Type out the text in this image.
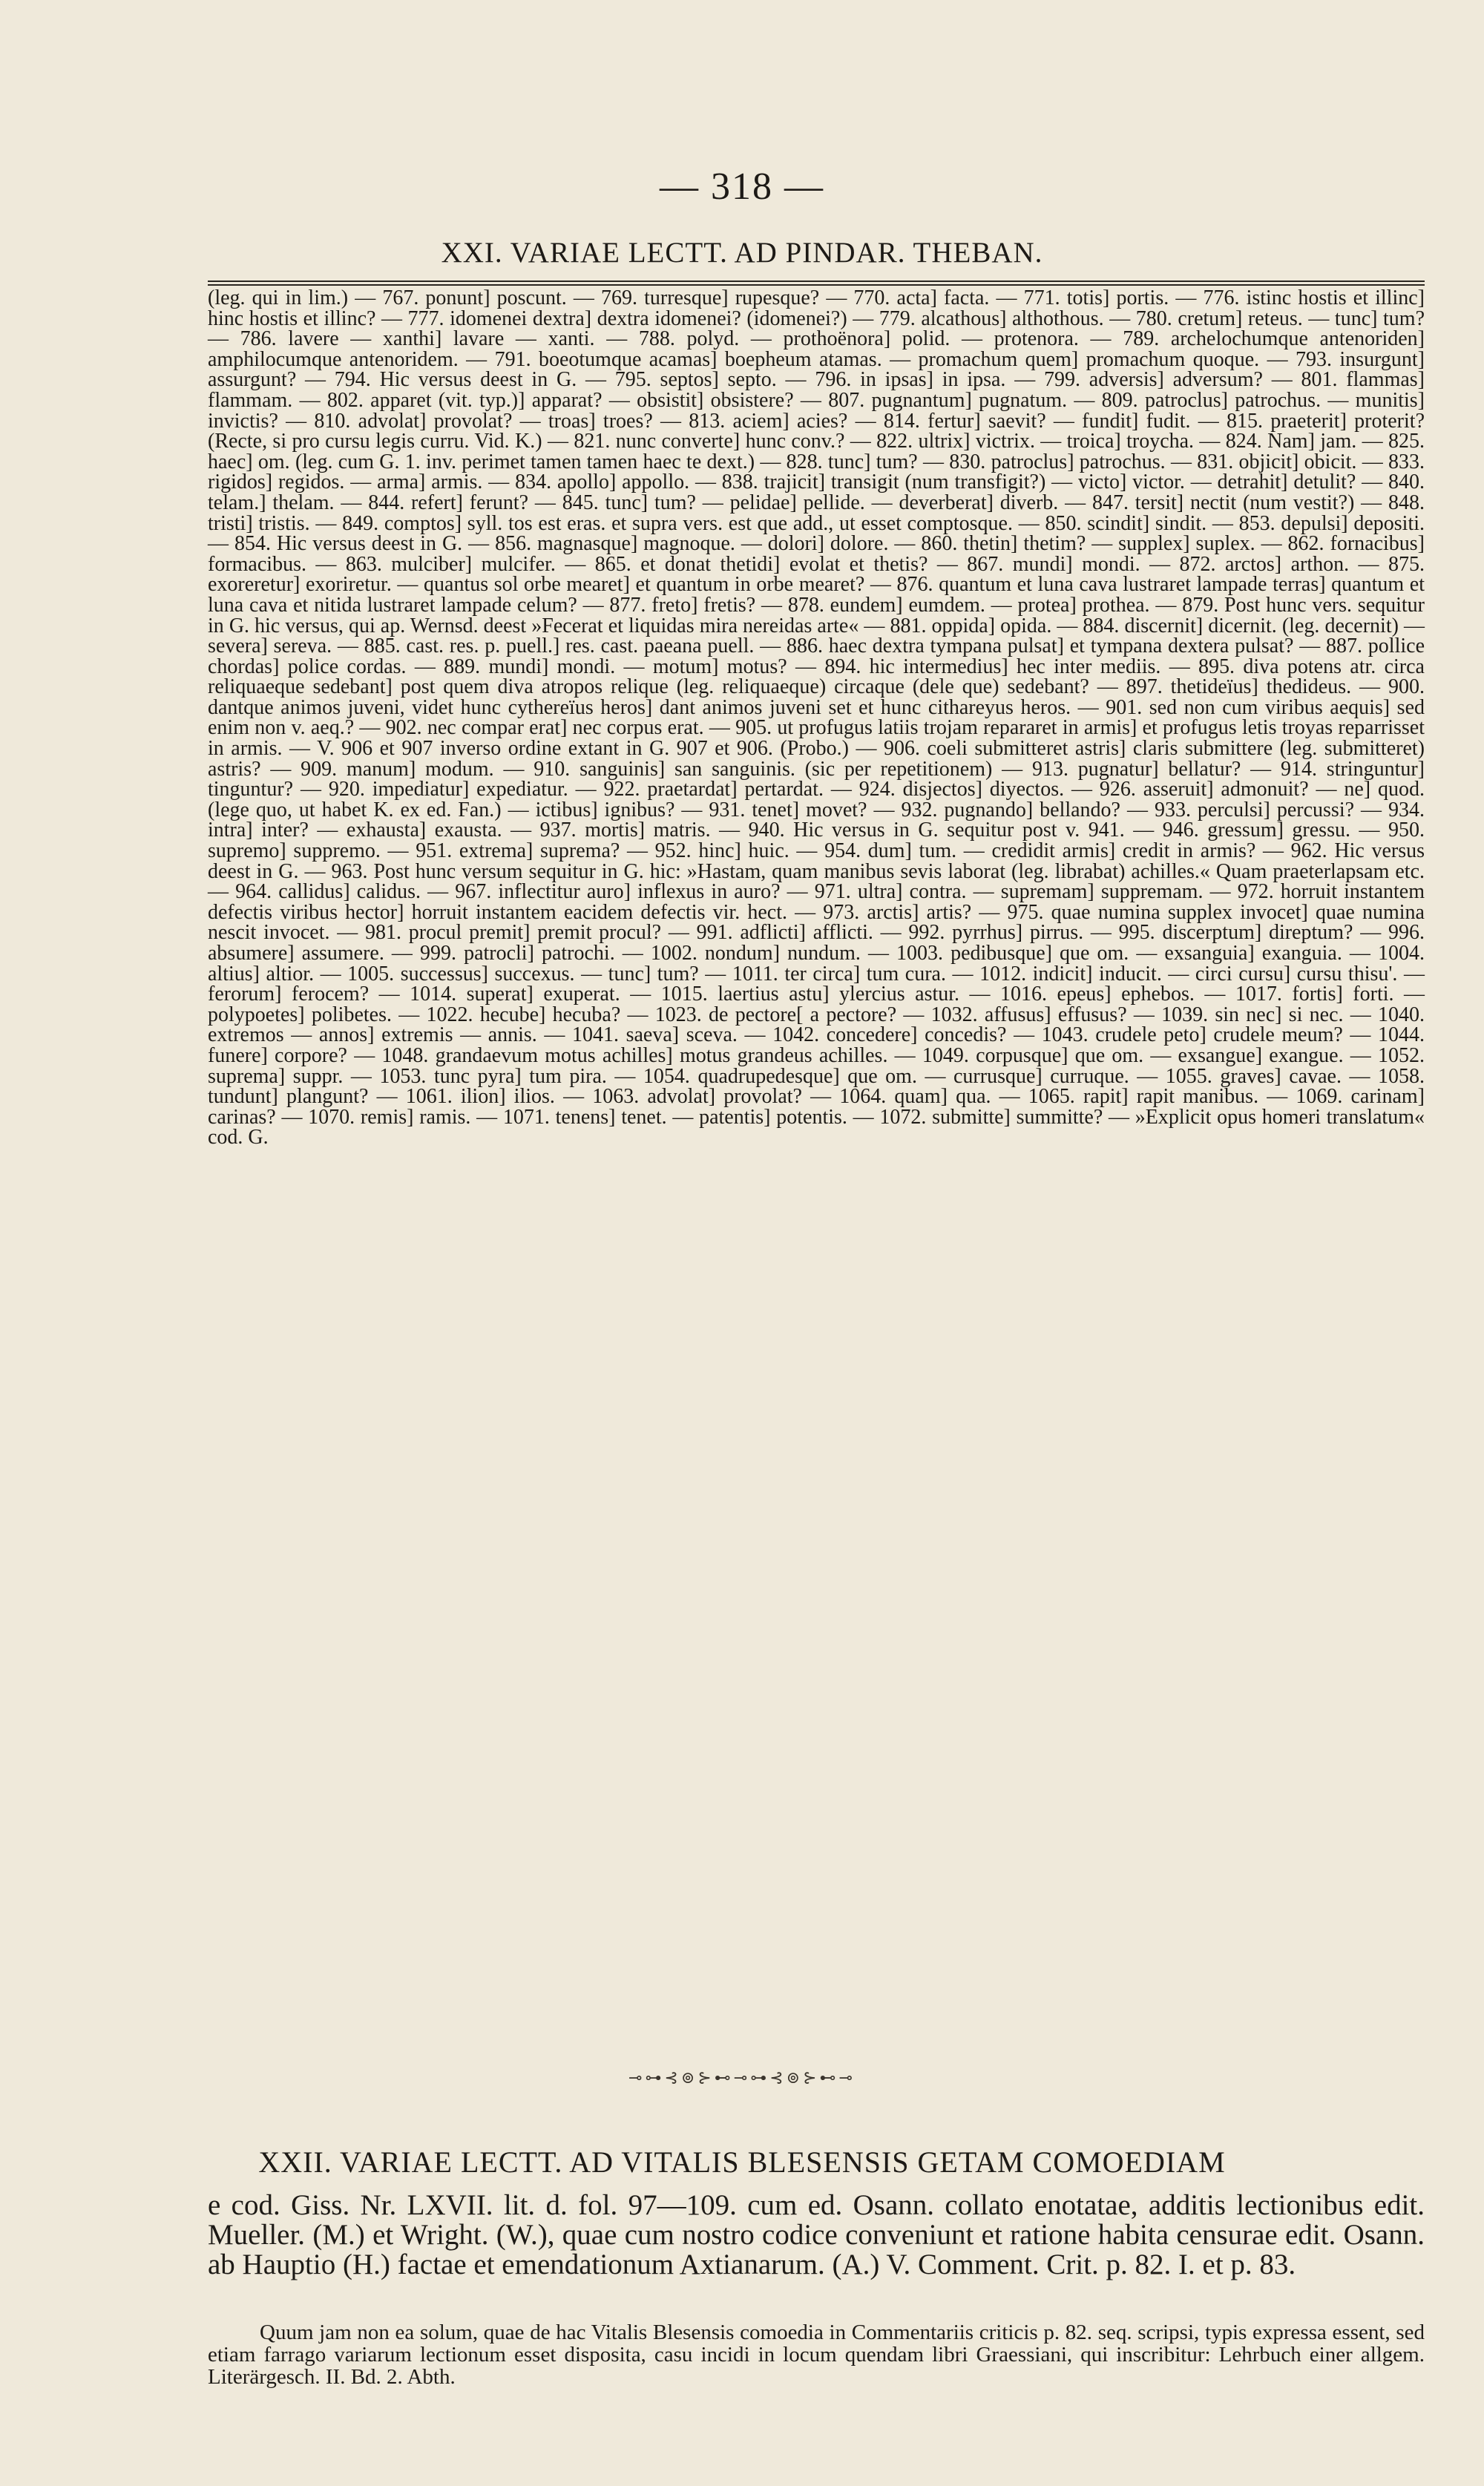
— 318 —
XXI. VARIAE LECTT. AD PINDAR. THEBAN.

(leg. qui in lim.) — 767. ponunt] poscunt. — 769. turresque] rupesque? — 770. acta] facta. — 771. totis] portis. — 776. istinc hostis et illinc] hinc hostis et illinc? — 777. idomenei dextra] dextra idomenei? (idomenei?) — 779. alcathous] althothous. — 780. cretum] reteus. — tunc] tum? — 786. lavere — xanthi] lavare — xanti. — 788. polyd. — prothoënora] polid. — protenora. — 789. archelochumque antenoriden] amphilocumque antenoridem. — 791. boeotumque acamas] boepheum atamas. — promachum quem] promachum quoque. — 793. insurgunt] assurgunt? — 794. Hic versus deest in G. — 795. septos] septo. — 796. in ipsas] in ipsa. — 799. adversis] adversum? — 801. flammas] flammam. — 802. apparet (vit. typ.)] apparat? — obsistit] obsistere? — 807. pugnantum] pugnatum. — 809. patroclus] patrochus. — munitis] invictis? — 810. advolat] provolat? — troas] troes? — 813. aciem] acies? — 814. fertur] saevit? — fundit] fudit. — 815. praeterit] proterit? (Recte, si pro cursu legis curru. Vid. K.) — 821. nunc converte] hunc conv.? — 822. ultrix] victrix. — troica] troycha. — 824. Nam] jam. — 825. haec] om. (leg. cum G. 1. inv. perimet tamen tamen haec te dext.) — 828. tunc] tum? — 830. patroclus] patrochus. — 831. objicit] obicit. — 833. rigidos] regidos. — arma] armis. — 834. apollo] appollo. — 838. trajicit] transigit (num transfigit?) — victo] victor. — detrahit] detulit? — 840. telam.] thelam. — 844. refert] ferunt? — 845. tunc] tum? — pelidae] pellide. — deverberat] diverb. — 847. tersit] nectit (num vestit?) — 848. tristi] tristis. — 849. comptos] syll. tos est eras. et supra vers. est que add., ut esset comptosque. — 850. scindit] sindit. — 853. depulsi] depositi. — 854. Hic versus deest in G. — 856. magnasque] magnoque. — dolori] dolore. — 860. thetin] thetim? — supplex] suplex. — 862. fornacibus] formacibus. — 863. mulciber] mulcifer. — 865. et donat thetidi] evolat et thetis? — 867. mundi] mondi. — 872. arctos] arthon. — 875. exoreretur] exoriretur. — quantus sol orbe mearet] et quantum in orbe mearet? — 876. quantum et luna cava lustraret lampade terras] quantum et luna cava et nitida lustraret lampade celum? — 877. freto] fretis? — 878. eundem] eumdem. — protea] prothea. — 879. Post hunc vers. sequitur in G. hic versus, qui ap. Wernsd. deest »Fecerat et liquidas mira nereidas arte« — 881. oppida] opida. — 884. discernit] dicernit. (leg. decernit) — severa] sereva. — 885. cast. res. p. puell.] res. cast. paeana puell. — 886. haec dextra tympana pulsat] et tympana dextera pulsat? — 887. pollice chordas] police cordas. — 889. mundi] mondi. — motum] motus? — 894. hic intermedius] hec inter mediis. — 895. diva potens atr. circa reliquaeque sedebant] post quem diva atropos relique (leg. reliquaeque) circaque (dele que) sedebant? — 897. thetideïus] thedideus. — 900. dantque animos juveni, videt hunc cythereïus heros] dant animos juveni set et hunc cithareyus heros. — 901. sed non cum viribus aequis] sed enim non v. aeq.? — 902. nec compar erat] nec corpus erat. — 905. ut profugus latiis trojam repararet in armis] et profugus letis troyas reparrisset in armis. — V. 906 et 907 inverso ordine extant in G. 907 et 906. (Probo.) — 906. coeli submitteret astris] claris submittere (leg. submitteret) astris? — 909. manum] modum. — 910. sanguinis] san sanguinis. (sic per repetitionem) — 913. pugnatur] bellatur? — 914. stringuntur] tinguntur? — 920. impediatur] expediatur. — 922. praetardat] pertardat. — 924. disjectos] diyectos. — 926. asseruit] admonuit? — ne] quod. (lege quo, ut habet K. ex ed. Fan.) — ictibus] ignibus? — 931. tenet] movet? — 932. pugnando] bellando? — 933. perculsi] percussi? — 934. intra] inter? — exhausta] exausta. — 937. mortis] matris. — 940. Hic versus in G. sequitur post v. 941. — 946. gressum] gressu. — 950. supremo] suppremo. — 951. extrema] suprema? — 952. hinc] huic. — 954. dum] tum. — credidit armis] credit in armis? — 962. Hic versus deest in G. — 963. Post hunc versum sequitur in G. hic: »Hastam, quam manibus sevis laborat (leg. librabat) achilles.« Quam praeterlapsam etc. — 964. callidus] calidus. — 967. inflectitur auro] inflexus in auro? — 971. ultra] contra. — supremam] suppremam. — 972. horruit instantem defectis viribus hector] horruit instantem eacidem defectis vir. hect. — 973. arctis] artis? — 975. quae numina supplex invocet] quae numina nescit invocet. — 981. procul premit] premit procul? — 991. adflicti] afflicti. — 992. pyrrhus] pirrus. — 995. discerptum] direptum? — 996. absumere] assumere. — 999. patrocli] patrochi. — 1002. nondum] nundum. — 1003. pedibusque] que om. — exsanguia] exanguia. — 1004. altius] altior. — 1005. successus] succexus. — tunc] tum? — 1011. ter circa] tum cura. — 1012. indicit] inducit. — circi cursu] cursu thisu'. — ferorum] ferocem? — 1014. superat] exuperat. — 1015. laertius astu] ylercius astur. — 1016. epeus] ephebos. — 1017. fortis] forti. — polypoetes] polibetes. — 1022. hecube] hecuba? — 1023. de pectore[ a pectore? — 1032. affusus] effusus? — 1039. sin nec] si nec. — 1040. extremos — annos] extremis — annis. — 1041. saeva] sceva. — 1042. concedere] concedis? — 1043. crudele peto] crudele meum? — 1044. funere] corpore? — 1048. grandaevum motus achilles] motus grandeus achilles. — 1049. corpusque] que om. — exsangue] exangue. — 1052. suprema] suppr. — 1053. tunc pyra] tum pira. — 1054. quadrupedesque] que om. — currusque] curruque. — 1055. graves] cavae. — 1058. tundunt] plangunt? — 1061. ilion] ilios. — 1063. advolat] provolat? — 1064. quam] qua. — 1065. rapit] rapit manibus. — 1069. carinam] carinas? — 1070. remis] ramis. — 1071. tenens] tenet. — patentis] potentis. — 1072. submitte] summitte? — »Explicit opus homeri translatum« cod. G.

⊸⊶⊰⊚⊱⊷⊸⊶⊰⊚⊱⊷⊸
XXII. VARIAE LECTT. AD VITALIS BLESENSIS GETAM COMOEDIAM

e cod. Giss. Nr. LXVII. lit. d. fol. 97—109. cum ed. Osann. collato enotatae, additis lectionibus edit. Mueller. (M.) et Wright. (W.), quae cum nostro codice conveniunt et ratione habita censurae edit. Osann. ab Hauptio (H.) factae et emendationum Axtianarum. (A.) V. Comment. Crit. p. 82. I. et p. 83.

Quum jam non ea solum, quae de hac Vitalis Blesensis comoedia in Commentariis criticis p. 82. seq. scripsi, typis expressa essent, sed etiam farrago variarum lectionum esset disposita, casu incidi in locum quendam libri Graessiani, qui inscribitur: Lehrbuch einer allgem. Literärgesch. II. Bd. 2. Abth.
